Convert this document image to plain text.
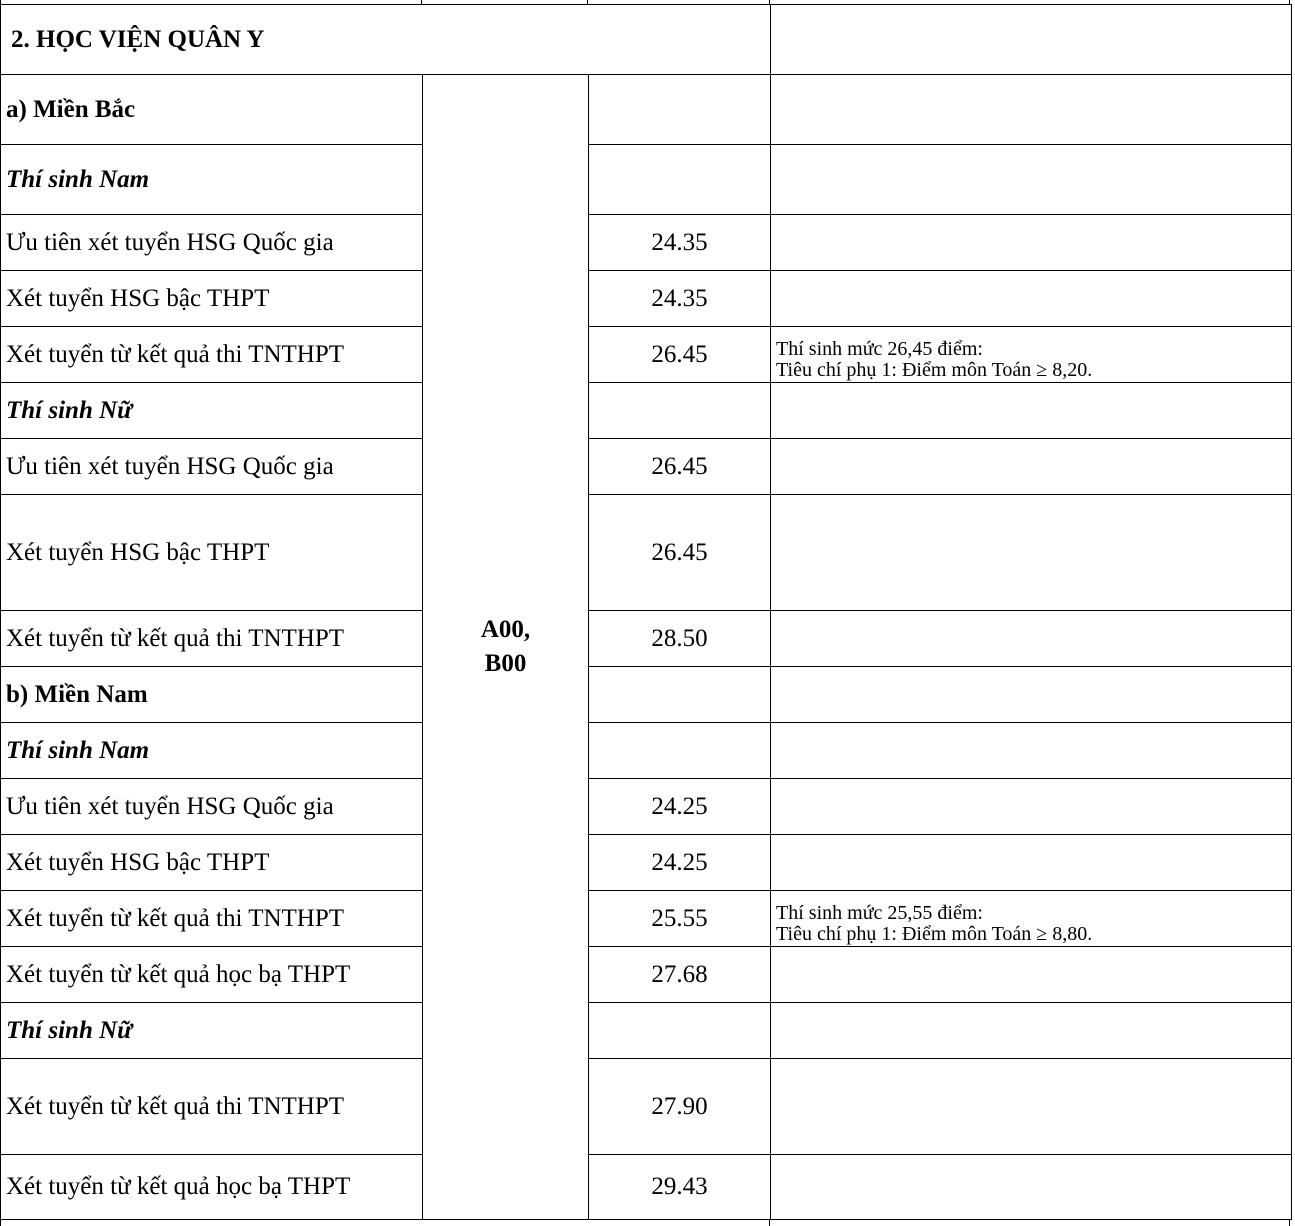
2. HỌC VIỆN QUÂN Y			
a) Miền Bắc	A00, B00		

Thí sinh Nam			
Ưu tiên xét tuyển HSG Quốc gia		24.35	
Xét tuyển HSG bậc THPT		24.35	
Xét tuyển từ kết quả thi TNTHPT		26.45	Thí sinh mức 26,45 điểm:
Tiêu chí phụ 1: Điểm môn Toán ≥ 8,20.

Thí sinh Nữ			
Ưu tiên xét tuyển HSG Quốc gia		26.45	
Xét tuyển HSG bậc THPT		26.45	
Xét tuyển từ kết quả thi TNTHPT		28.50	
b) Miền Nam			
Thí sinh Nam			
Ưu tiên xét tuyển HSG Quốc gia		24.25	
Xét tuyển HSG bậc THPT		24.25	
Xét tuyển từ kết quả thi TNTHPT		25.55	Thí sinh mức 25,55 điểm:
Tiêu chí phụ 1: Điểm môn Toán ≥ 8,80.

Xét tuyển từ kết quả học bạ THPT		27.68	
Thí sinh Nữ			
Xét tuyển từ kết quả thi TNTHPT		27.90	
Xét tuyển từ kết quả học bạ THPT		29.43	
